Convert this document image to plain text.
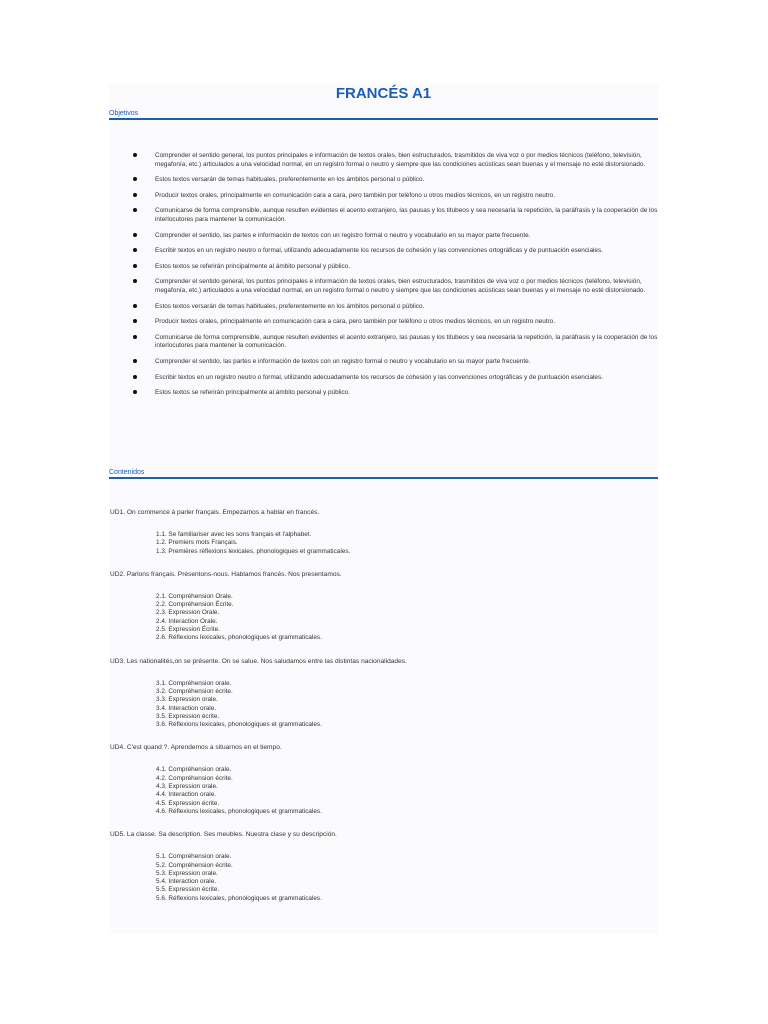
FRANCÉS A1
Objetivos
Comprender el sentido general, los puntos principales e información de textos orales, bien estructurados, trasmitidos de viva voz o por medios técnicos (teléfono, televisión, megafonía, etc.) articulados a una velocidad normal, en un registro formal o neutro y siempre que las condiciones acústicas sean buenas y el mensaje no esté distorsionado.
Estos textos versarán de temas habituales, preferentemente en los ámbitos personal o público.
Producir textos orales, principalmente en comunicación cara a cara, pero también por teléfono u otros medios técnicos, en un registro neutro.
Comunicarse de forma comprensible, aunque resulten evidentes el acento extranjero, las pausas y los titubeos y sea necesaria la repetición, la paráfrasis y la cooperación de los interlocutores para mantener la comunicación.
Comprender el sentido, las partes e información de textos con un registro formal o neutro y vocabulario en su mayor parte frecuente.
Escribir textos en un registro neutro o formal, utilizando adecuadamente los recursos de cohesión y las convenciones ortográficas y de puntuación esenciales.
Estos textos se referirán principalmente al ámbito personal y público.
Comprender el sentido general, los puntos principales e información de textos orales, bien estructurados, trasmitidos de viva voz o por medios técnicos (teléfono, televisión, megafonía, etc.) articulados a una velocidad normal, en un registro formal o neutro y siempre que las condiciones acústicas sean buenas y el mensaje no esté distorsionado.
Estos textos versarán de temas habituales, preferentemente en los ámbitos personal o público.
Producir textos orales, principalmente en comunicación cara a cara, pero también por teléfono u otros medios técnicos, en un registro neutro.
Comunicarse de forma comprensible, aunque resulten evidentes el acento extranjero, las pausas y los titubeos y sea necesaria la repetición, la paráfrasis y la cooperación de los interlocutores para mantener la comunicación.
Comprender el sentido, las partes e información de textos con un registro formal o neutro y vocabulario en su mayor parte frecuente.
Escribir textos en un registro neutro o formal, utilizando adecuadamente los recursos de cohesión y las convenciones ortográficas y de puntuación esenciales.
Estos textos se referirán principalmente al ámbito personal y público.
Contenidos

UD1. On commence à parler français. Empezamos a hablar en francés.

1.1. Se familiariser avec les sons français et l'alphabet.
1.2. Premiers mots Français.
1.3. Premières réflexions lexicales, phonologiques et grammaticales.

UD2. Parlons français. Présentons-nous. Hablamos francés. Nos presentamos.

2.1. Compréhension Orale.
2.2. Compréhension Écrite.
2.3. Expression Orale.
2.4. Interaction Orale.
2.5. Expression Écrite.
2.6. Réflexions lexicales, phonologiques et grammaticales.

UD3. Les nationalités,on se présente. On se salue. Nos saludamos entre las distintas nacionalidades.

3.1. Compréhension orale.
3.2. Compréhension écrite.
3.3. Expression orale.
3.4. Interaction orale.
3.5. Expression écrite.
3.6. Réflexions lexicales, phonologiques et grammaticales.

UD4. C'est quand ?. Aprendemos a situarnos en el tiempo.

4.1. Compréhension orale.
4.2. Compréhension écrite.
4.3. Expression orale.
4.4. Interaction orale.
4.5. Expression écrite.
4.6. Réflexions lexicales, phonologiques et grammaticales.

UD5. La classe. Sa description. Ses meubles. Nuestra clase y su descripción.

5.1. Compréhension orale.
5.2. Compréhension écrite.
5.3. Expression orale.
5.4. Interaction orale.
5.5. Expression écrite.
5.6. Réflexions lexicales, phonologiques et grammaticales.
